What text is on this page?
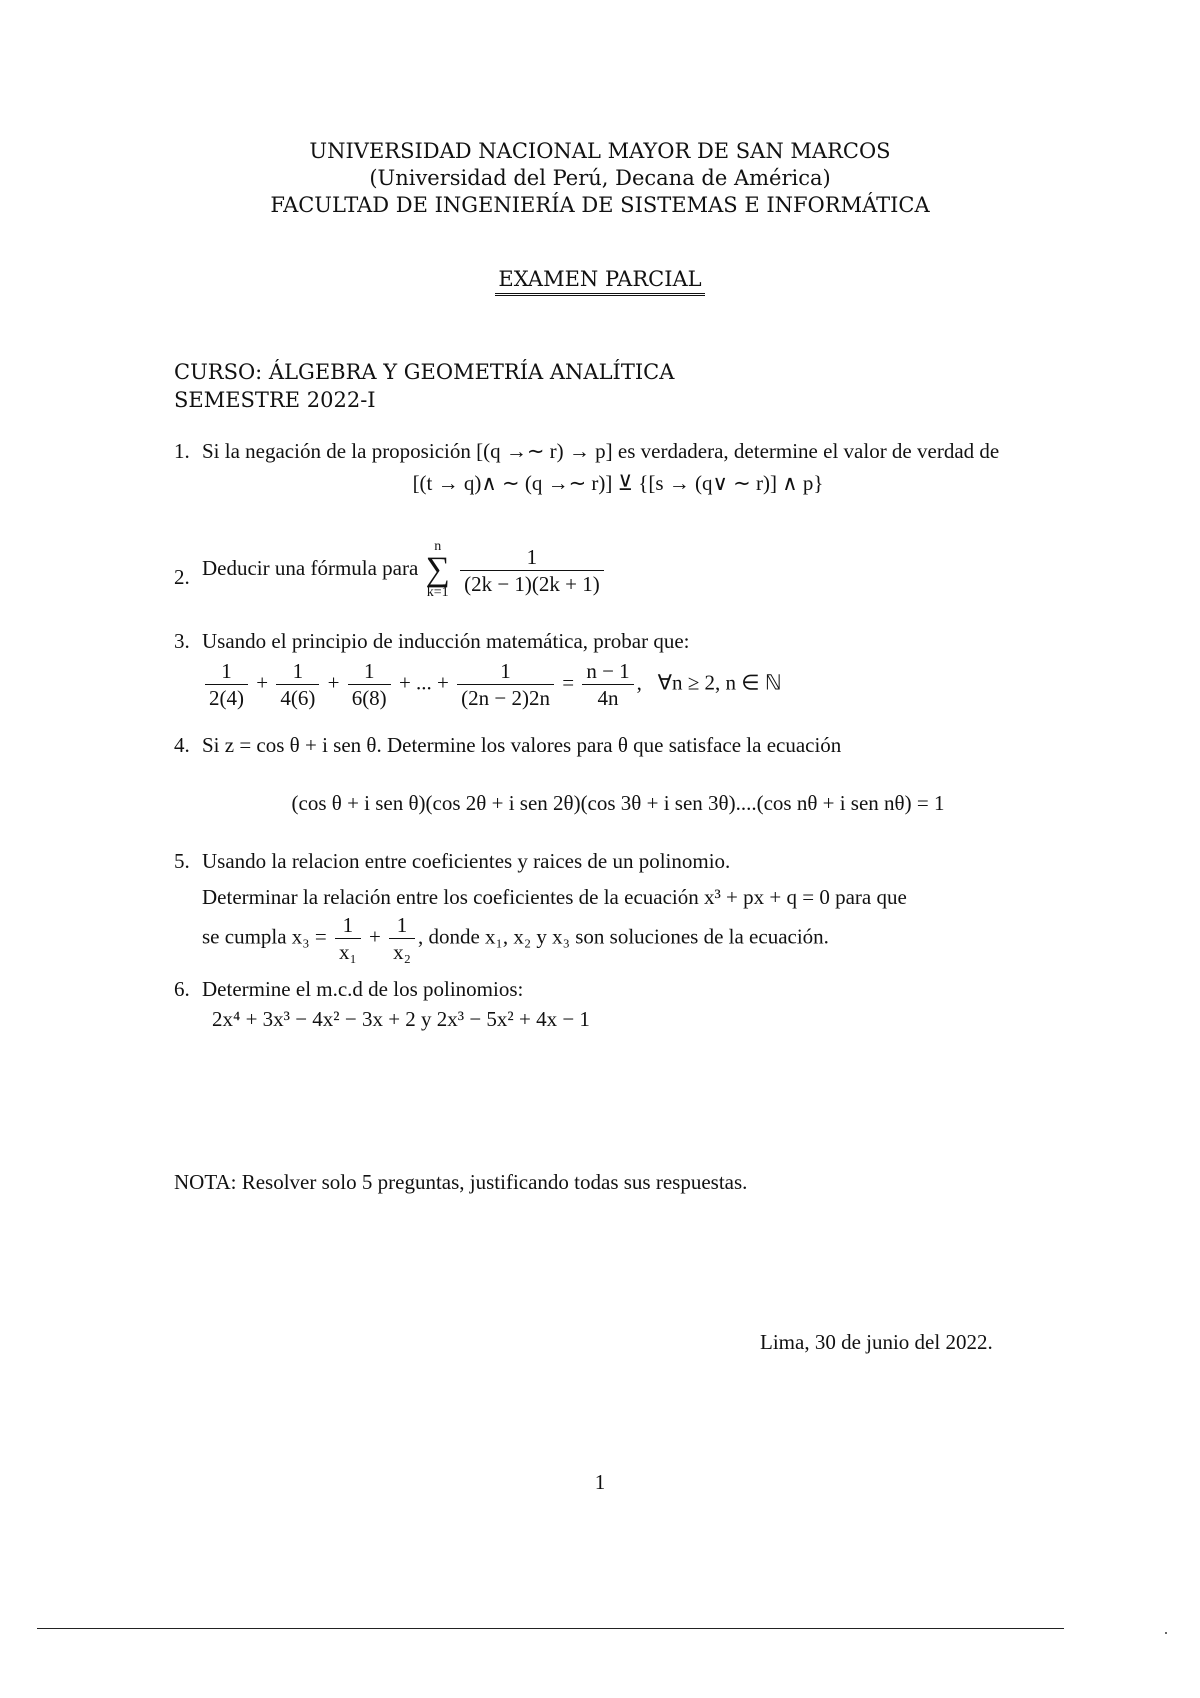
UNIVERSIDAD NACIONAL MAYOR DE SAN MARCOS
(Universidad del Perú, Decana de América)
FACULTAD DE INGENIERÍA DE SISTEMAS E INFORMÁTICA
EXAMEN PARCIAL
CURSO: ÁLGEBRA Y GEOMETRÍA ANALÍTICA
SEMESTRE 2022-I
1. Si la negación de la proposición [(q →∼ r) → p] es verdadera, determine el valor de verdad de
[(t → q)∧ ∼ (q →∼ r)] ⊻ {[s → (q∨ ∼ r)] ∧ p}
2. Deducir una fórmula para n
∑
$k=1 \frac{1}{(2k - 1)(2k + 1)}$
3. Usando el principio de inducción matemática, probar que:
$\frac{1}{2(4)} + \frac{1}{4(6)} + \frac{1}{6(8)}$ + ... + $\frac{1}{(2n - 2)2n} = \frac{n - 1}{4n}$ ,   ∀n ≥ 2, n ∈ ℕ
4. Si z = cos θ + i sen θ. Determine los valores para θ que satisface la ecuación
(cos θ + i sen θ)(cos 2θ + i sen 2θ)(cos 3θ + i sen 3θ)....(cos nθ + i sen nθ) = 1
5. Usando la relacion entre coeficientes y raices de un polinomio.
Determinar la relación entre los coeficientes de la ecuación x³ + px + q = 0 para que
se cumpla $x_3 = \frac{1}{\text{x₁}} + \frac{1}{\text{x₂}}$ , donde x₁, x₂ y x₃ son soluciones de la ecuación.
6. Determine el m.c.d de los polinomios:
2x⁴ + 3x³ − 4x² − 3x + 2 y 2x³ − 5x² + 4x − 1
NOTA: Resolver solo 5 preguntas, justificando todas sus respuestas.
Lima, 30 de junio del 2022.
1
